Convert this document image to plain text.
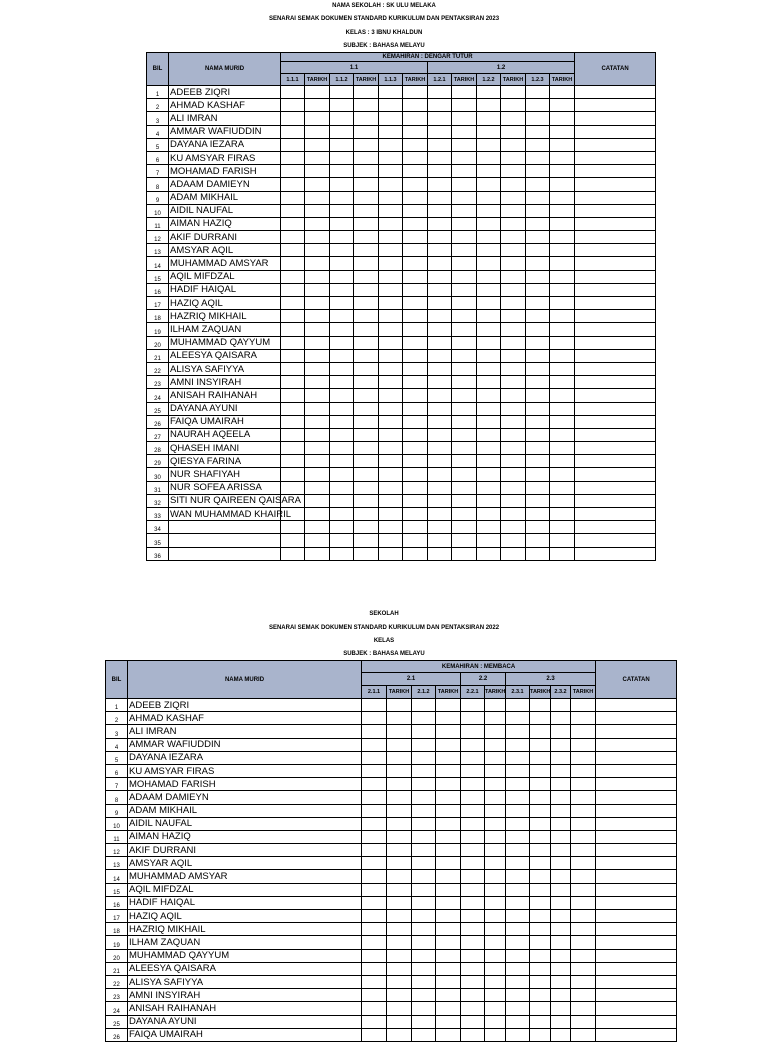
NAMA SEKOLAH : SK ULU MELAKA
SENARAI SEMAK DOKUMEN STANDARD KURIKULUM DAN PENTAKSIRAN 2023
KELAS : 3 IBNU KHALDUN
SUBJEK : BAHASA MELAYU
BIL	NAMA MURID	KEMAHIRAN : DENGAR TUTUR												CATATAN
		1.1						1.2						
		1.1.1	TARIKH	1.1.2	TARIKH	1.1.3	TARIKH	1.2.1	TARIKH	1.2.2	TARIKH	1.2.3	TARIKH	
1	ADEEB ZIQRI													
2	AHMAD KASHAF													
3	ALI IMRAN													
4	AMMAR WAFIUDDIN													
5	DAYANA IEZARA													
6	KU AMSYAR FIRAS													
7	MOHAMAD FARISH													
8	ADAAM DAMIEYN													
9	ADAM MIKHAIL													
10	AIDIL NAUFAL													
11	AIMAN HAZIQ													
12	AKIF DURRANI													
13	AMSYAR AQIL													
14	MUHAMMAD AMSYAR													
15	AQIL MIFDZAL													
16	HADIF HAIQAL													
17	HAZIQ AQIL													
18	HAZRIQ MIKHAIL													
19	ILHAM ZAQUAN													
20	MUHAMMAD QAYYUM													
21	ALEESYA QAISARA													
22	ALISYA SAFIYYA													
23	AMNI INSYIRAH													
24	ANISAH RAIHANAH													
25	DAYANA AYUNI													
26	FAIQA UMAIRAH													
27	NAURAH AQEELA													
28	QHASEH IMANI													
29	QIESYA FARINA													
30	NUR SHAFIYAH													
31	NUR SOFEA ARISSA													
32	SITI NUR QAIREEN QAISARA													
33	WAN MUHAMMAD KHAIRIL													
34														
35														
36														
SEKOLAH
SENARAI SEMAK DOKUMEN STANDARD KURIKULUM DAN PENTAKSIRAN 2022
KELAS
SUBJEK : BAHASA MELAYU
BIL	NAMA MURID	KEMAHIRAN : MEMBACA										CATATAN
		2.1				2.2		2.3				
		2.1.1	TARIKH	2.1.2	TARIKH	2.2.1	TARIKH	2.3.1	TARIKH	2.3.2	TARIKH	
1	ADEEB ZIQRI											
2	AHMAD KASHAF											
3	ALI IMRAN											
4	AMMAR WAFIUDDIN											
5	DAYANA IEZARA											
6	KU AMSYAR FIRAS											
7	MOHAMAD FARISH											
8	ADAAM DAMIEYN											
9	ADAM MIKHAIL											
10	AIDIL NAUFAL											
11	AIMAN HAZIQ											
12	AKIF DURRANI											
13	AMSYAR AQIL											
14	MUHAMMAD AMSYAR											
15	AQIL MIFDZAL											
16	HADIF HAIQAL											
17	HAZIQ AQIL											
18	HAZRIQ MIKHAIL											
19	ILHAM ZAQUAN											
20	MUHAMMAD QAYYUM											
21	ALEESYA QAISARA											
22	ALISYA SAFIYYA											
23	AMNI INSYIRAH											
24	ANISAH RAIHANAH											
25	DAYANA AYUNI											
26	FAIQA UMAIRAH											
